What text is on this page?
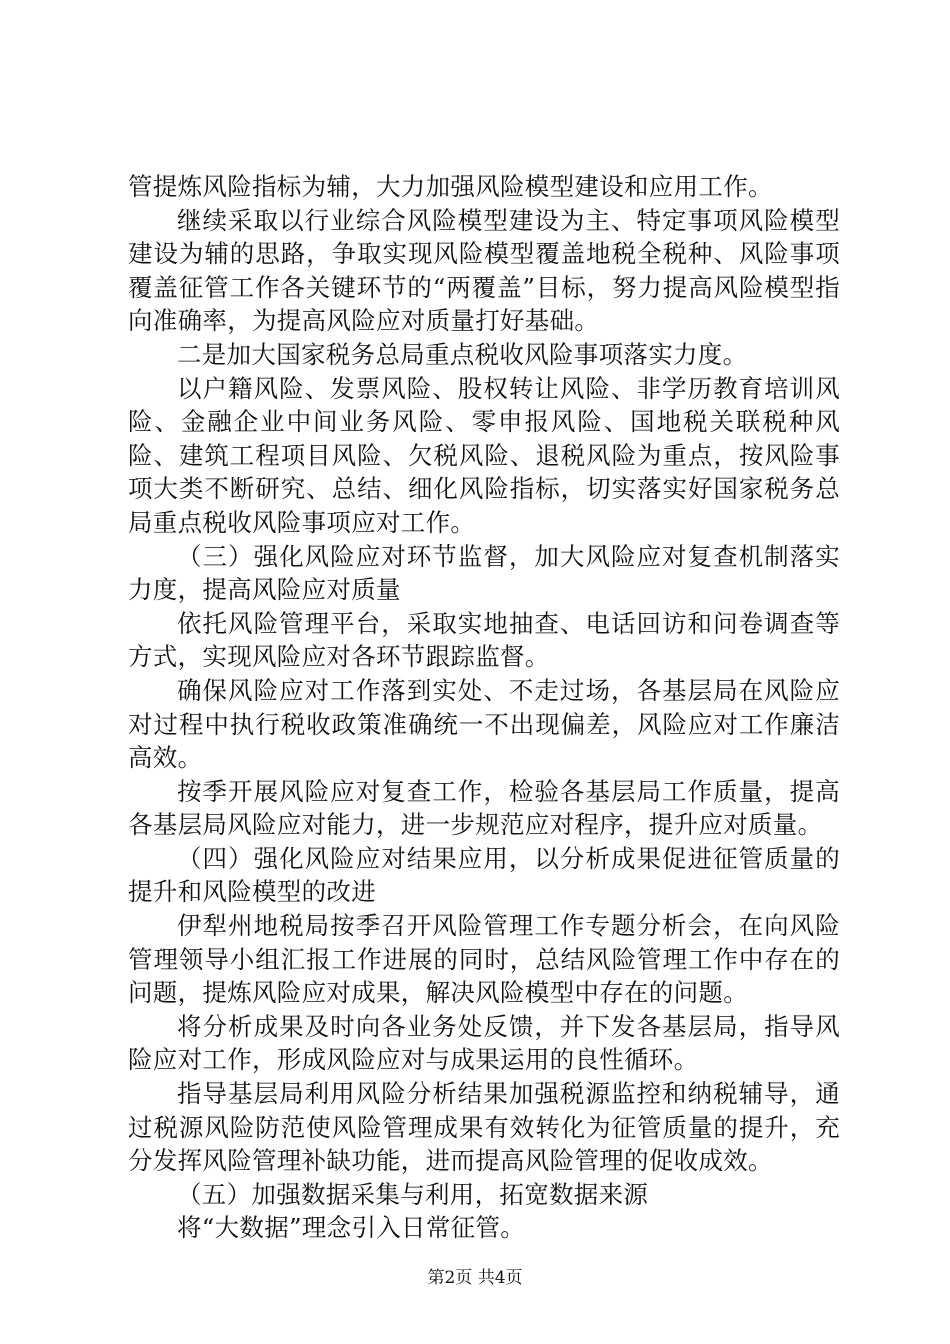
管提炼风险指标为辅，大力加强风险模型建设和应用工作。

继续采取以行业综合风险模型建设为主、特定事项风险模型建设为辅的思路，争取实现风险模型覆盖地税全税种、风险事项覆盖征管工作各关键环节的“两覆盖”目标，努力提高风险模型指向准确率，为提高风险应对质量打好基础。

二是加大国家税务总局重点税收风险事项落实力度。

以户籍风险、发票风险、股权转让风险、非学历教育培训风险、金融企业中间业务风险、零申报风险、国地税关联税种风险、建筑工程项目风险、欠税风险、退税风险为重点，按风险事项大类不断研究、总结、细化风险指标，切实落实好国家税务总局重点税收风险事项应对工作。

（三）强化风险应对环节监督，加大风险应对复查机制落实力度，提高风险应对质量

依托风险管理平台，采取实地抽查、电话回访和问卷调查等方式，实现风险应对各环节跟踪监督。

确保风险应对工作落到实处、不走过场，各基层局在风险应对过程中执行税收政策准确统一不出现偏差，风险应对工作廉洁高效。

按季开展风险应对复查工作，检验各基层局工作质量，提高各基层局风险应对能力，进一步规范应对程序，提升应对质量。

（四）强化风险应对结果应用，以分析成果促进征管质量的提升和风险模型的改进

伊犁州地税局按季召开风险管理工作专题分析会，在向风险管理领导小组汇报工作进展的同时，总结风险管理工作中存在的问题，提炼风险应对成果，解决风险模型中存在的问题。

将分析成果及时向各业务处反馈，并下发各基层局，指导风险应对工作，形成风险应对与成果运用的良性循环。

指导基层局利用风险分析结果加强税源监控和纳税辅导，通过税源风险防范使风险管理成果有效转化为征管质量的提升，充分发挥风险管理补缺功能，进而提高风险管理的促收成效。

（五）加强数据采集与利用，拓宽数据来源

将“大数据”理念引入日常征管。

第2页 共4页
